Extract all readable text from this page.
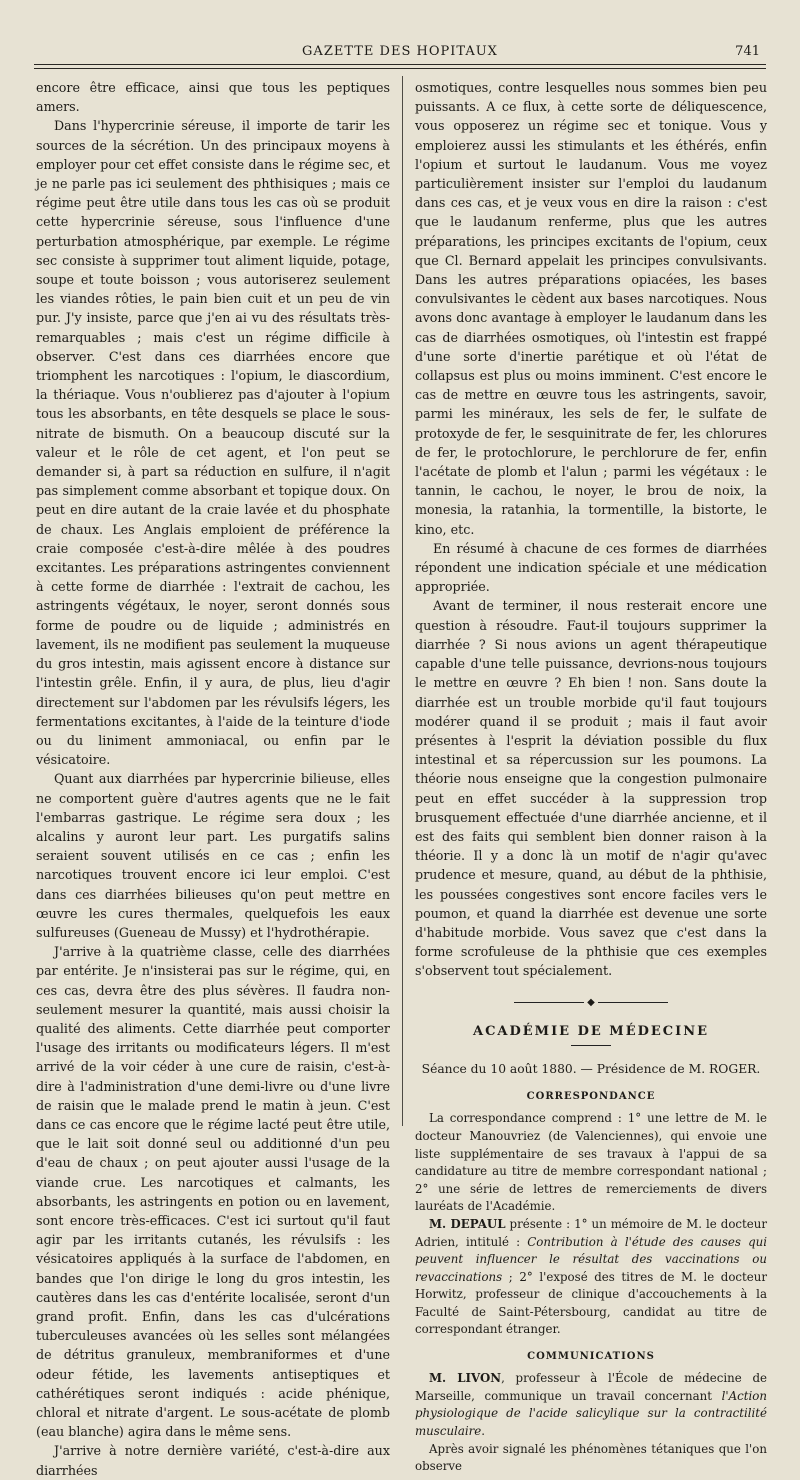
GAZETTE DES HOPITAUX	741

encore être efficace, ainsi que tous les peptiques amers.

Dans l'hypercrinie séreuse, il importe de tarir les sources de la sécrétion. Un des principaux moyens à employer pour cet effet consiste dans le régime sec, et je ne parle pas ici seulement des phthisiques ; mais ce régime peut être utile dans tous les cas où se produit cette hypercrinie séreuse, sous l'influence d'une perturbation atmosphérique, par exemple. Le régime sec consiste à supprimer tout aliment liquide, potage, soupe et toute boisson ; vous autoriserez seulement les viandes rôties, le pain bien cuit et un peu de vin pur. J'y insiste, parce que j'en ai vu des résultats très-remarquables ; mais c'est un régime difficile à observer. C'est dans ces diarrhées encore que triomphent les narcotiques : l'opium, le diascordium, la thériaque. Vous n'oublierez pas d'ajouter à l'opium tous les absorbants, en tête desquels se place le sous-nitrate de bismuth. On a beaucoup discuté sur la valeur et le rôle de cet agent, et l'on peut se demander si, à part sa réduction en sulfure, il n'agit pas simplement comme absorbant et topique doux. On peut en dire autant de la craie lavée et du phosphate de chaux. Les Anglais emploient de préférence la craie composée c'est-à-dire mêlée à des poudres excitantes. Les préparations astringentes conviennent à cette forme de diarrhée : l'extrait de cachou, les astringents végétaux, le noyer, seront donnés sous forme de poudre ou de liquide ; administrés en lavement, ils ne modifient pas seulement la muqueuse du gros intestin, mais agissent encore à distance sur l'intestin grêle. Enfin, il y aura, de plus, lieu d'agir directement sur l'abdomen par les révulsifs légers, les fermentations excitantes, à l'aide de la teinture d'iode ou du liniment ammoniacal, ou enfin par le vésicatoire.

Quant aux diarrhées par hypercrinie bilieuse, elles ne comportent guère d'autres agents que ne le fait l'embarras gastrique. Le régime sera doux ; les alcalins y auront leur part. Les purgatifs salins seraient souvent utilisés en ce cas ; enfin les narcotiques trouvent encore ici leur emploi. C'est dans ces diarrhées bilieuses qu'on peut mettre en œuvre les cures thermales, quelquefois les eaux sulfureuses (Gueneau de Mussy) et l'hydrothérapie.

J'arrive à la quatrième classe, celle des diarrhées par entérite. Je n'insisterai pas sur le régime, qui, en ces cas, devra être des plus sévères. Il faudra non-seulement mesurer la quantité, mais aussi choisir la qualité des aliments. Cette diarrhée peut comporter l'usage des irritants ou modificateurs légers. Il m'est arrivé de la voir céder à une cure de raisin, c'est-à-dire à l'administration d'une demi-livre ou d'une livre de raisin que le malade prend le matin à jeun. C'est dans ce cas encore que le régime lacté peut être utile, que le lait soit donné seul ou additionné d'un peu d'eau de chaux ; on peut ajouter aussi l'usage de la viande crue. Les narcotiques et calmants, les absorbants, les astringents en potion ou en lavement, sont encore très-efficaces. C'est ici surtout qu'il faut agir par les irritants cutanés, les révulsifs : les vésicatoires appliqués à la surface de l'abdomen, en bandes que l'on dirige le long du gros intestin, les cautères dans les cas d'entérite localisée, seront d'un grand profit. Enfin, dans les cas d'ulcérations tuberculeuses avancées où les selles sont mélangées de détritus granuleux, membraniformes et d'une odeur fétide, les lavements antiseptiques et cathérétiques seront indiqués : acide phénique, chloral et nitrate d'argent. Le sous-acétate de plomb (eau blanche) agira dans le même sens.

J'arrive à notre dernière variété, c'est-à-dire aux diarrhées

osmotiques, contre lesquelles nous sommes bien peu puissants. A ce flux, à cette sorte de déliquescence, vous opposerez un régime sec et tonique. Vous y emploierez aussi les stimulants et les éthérés, enfin l'opium et surtout le laudanum. Vous me voyez particulièrement insister sur l'emploi du laudanum dans ces cas, et je veux vous en dire la raison : c'est que le laudanum renferme, plus que les autres préparations, les principes excitants de l'opium, ceux que Cl. Bernard appelait les principes convulsivants. Dans les autres préparations opiacées, les bases convulsivantes le cèdent aux bases narcotiques. Nous avons donc avantage à employer le laudanum dans les cas de diarrhées osmotiques, où l'intestin est frappé d'une sorte d'inertie parétique et où l'état de collapsus est plus ou moins imminent. C'est encore le cas de mettre en œuvre tous les astringents, savoir, parmi les minéraux, les sels de fer, le sulfate de protoxyde de fer, le sesquinitrate de fer, les chlorures de fer, le protochlorure, le perchlorure de fer, enfin l'acétate de plomb et l'alun ; parmi les végétaux : le tannin, le cachou, le noyer, le brou de noix, la monesia, la ratanhia, la tormentille, la bistorte, le kino, etc.

En résumé à chacune de ces formes de diarrhées répondent une indication spéciale et une médication appropriée.

Avant de terminer, il nous resterait encore une question à résoudre. Faut-il toujours supprimer la diarrhée ? Si nous avions un agent thérapeutique capable d'une telle puissance, devrions-nous toujours le mettre en œuvre ? Eh bien ! non. Sans doute la diarrhée est un trouble morbide qu'il faut toujours modérer quand il se produit ; mais il faut avoir présentes à l'esprit la déviation possible du flux intestinal et sa répercussion sur les poumons. La théorie nous enseigne que la congestion pulmonaire peut en effet succéder à la suppression trop brusquement effectuée d'une diarrhée ancienne, et il est des faits qui semblent bien donner raison à la théorie. Il y a donc là un motif de n'agir qu'avec prudence et mesure, quand, au début de la phthisie, les poussées congestives sont encore faciles vers le poumon, et quand la diarrhée est devenue une sorte d'habitude morbide. Vous savez que c'est dans la forme scrofuleuse de la phthisie que ces exemples s'observent tout spécialement.

◆
ACADÉMIE DE MÉDECINE
Séance du 10 août 1880. — Présidence de M. ROGER.
CORRESPONDANCE

La correspondance comprend : 1° une lettre de M. le docteur Manouvriez (de Valenciennes), qui envoie une liste supplémentaire de ses travaux à l'appui de sa candidature au titre de membre correspondant national ; 2° une série de lettres de remerciements de divers lauréats de l'Académie.

M. DEPAUL présente : 1° un mémoire de M. le docteur Adrien, intitulé : Contribution à l'étude des causes qui peuvent influencer le résultat des vaccinations ou revaccinations ; 2° l'exposé des titres de M. le docteur Horwitz, professeur de clinique d'accouchements à la Faculté de Saint-Pétersbourg, candidat au titre de correspondant étranger.

COMMUNICATIONS

M. LIVON, professeur à l'École de médecine de Marseille, communique un travail concernant l'Action physiologique de l'acide salicylique sur la contractilité musculaire.

Après avoir signalé les phénomènes tétaniques que l'on observe
